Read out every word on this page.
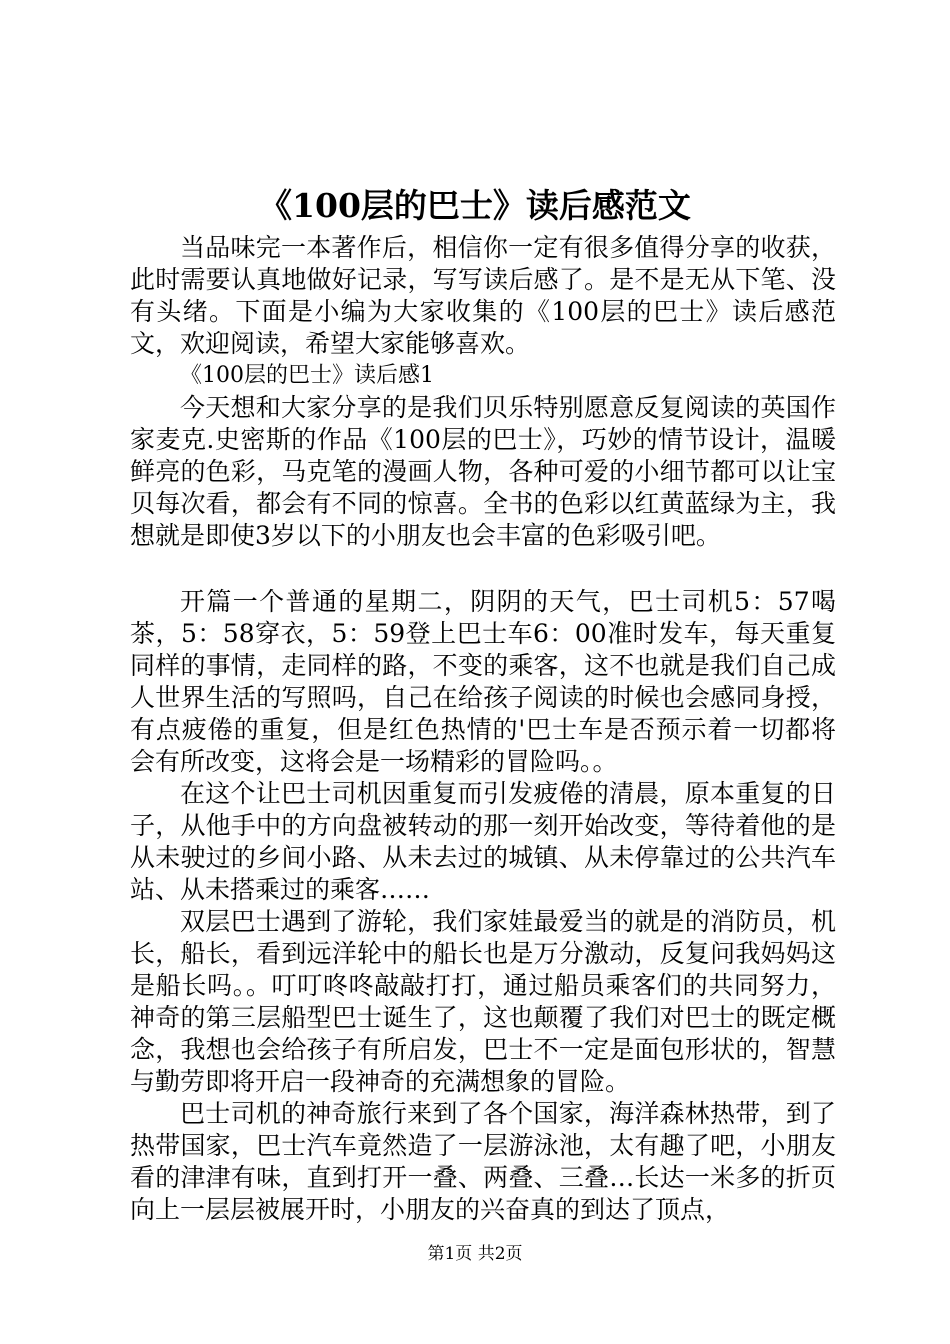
《100层的巴士》读后感范文

当品味完一本著作后，相信你一定有很多值得分享的收获，此时需要认真地做好记录，写写读后感了。是不是无从下笔、没有头绪。下面是小编为大家收集的《100层的巴士》读后感范文，欢迎阅读，希望大家能够喜欢。

《100层的巴士》读后感1

今天想和大家分享的是我们贝乐特别愿意反复阅读的英国作家麦克.史密斯的作品《100层的巴士》，巧妙的情节设计，温暖鲜亮的色彩，马克笔的漫画人物，各种可爱的小细节都可以让宝贝每次看，都会有不同的惊喜。全书的色彩以红黄蓝绿为主，我想就是即使3岁以下的小朋友也会丰富的色彩吸引吧。

开篇一个普通的星期二，阴阴的天气，巴士司机5：57喝茶，5：58穿衣，5：59登上巴士车6：00准时发车，每天重复同样的事情，走同样的路，不变的乘客，这不也就是我们自己成人世界生活的写照吗，自己在给孩子阅读的时候也会感同身授，有点疲倦的重复，但是红色热情的'巴士车是否预示着一切都将会有所改变，这将会是一场精彩的冒险吗。。

在这个让巴士司机因重复而引发疲倦的清晨，原本重复的日子，从他手中的方向盘被转动的那一刻开始改变，等待着他的是从未驶过的乡间小路、从未去过的城镇、从未停靠过的公共汽车站、从未搭乘过的乘客……

双层巴士遇到了游轮，我们家娃最爱当的就是的消防员，机长，船长，看到远洋轮中的船长也是万分激动，反复问我妈妈这是船长吗。。叮叮咚咚敲敲打打，通过船员乘客们的共同努力，神奇的第三层船型巴士诞生了，这也颠覆了我们对巴士的既定概念，我想也会给孩子有所启发，巴士不一定是面包形状的，智慧与勤劳即将开启一段神奇的充满想象的冒险。

巴士司机的神奇旅行来到了各个国家，海洋森林热带，到了热带国家，巴士汽车竟然造了一层游泳池，太有趣了吧，小朋友看的津津有味，直到打开一叠、两叠、三叠…长达一米多的折页向上一层层被展开时，小朋友的兴奋真的到达了顶点，

第1页 共2页
